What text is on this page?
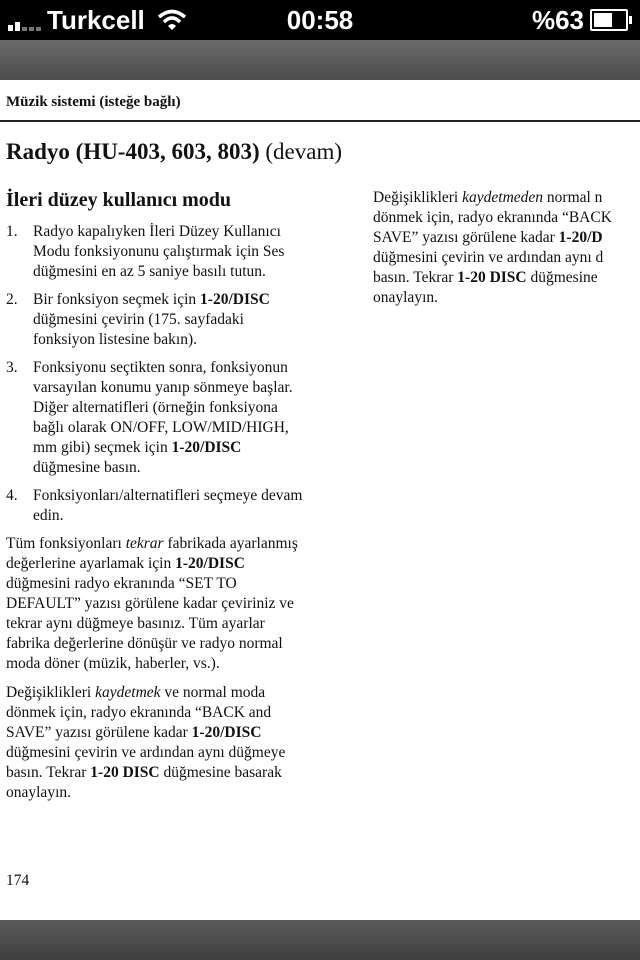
Turkcell	00:58	%63
Müzik sistemi (isteğe bağlı)
Radyo (HU-403, 603, 803) (devam)
İleri düzey kullanıcı modu
1. Radyo kapalıyken İleri Düzey Kullanıcı
Modu fonksiyonunu çalıştırmak için Ses
düğmesini en az 5 saniye basılı tutun.
2. Bir fonksiyon seçmek için 1-20/DISC
düğmesini çevirin (175. sayfadaki
fonksiyon listesine bakın).
3. Fonksiyonu seçtikten sonra, fonksiyonun
varsayılan konumu yanıp sönmeye başlar.
Diğer alternatifleri (örneğin fonksiyona
bağlı olarak ON/OFF, LOW/MID/HIGH,
mm gibi) seçmek için 1-20/DISC
düğmesine basın.
4. Fonksiyonları/alternatifleri seçmeye devam
edin.

Tüm fonksiyonları tekrar fabrikada ayarlanmış
değerlerine ayarlamak için 1-20/DISC
düğmesini radyo ekranında “SET TO
DEFAULT” yazısı görülene kadar çeviriniz ve
tekrar aynı düğmeye basınız. Tüm ayarlar
fabrika değerlerine dönüşür ve radyo normal
moda döner (müzik, haberler, vs.).

Değişiklikleri kaydetmek ve normal moda
dönmek için, radyo ekranında “BACK and
SAVE” yazısı görülene kadar 1-20/DISC
düğmesini çevirin ve ardından aynı düğmeye
basın. Tekrar 1-20 DISC düğmesine basarak
onaylayın.

Değişiklikleri kaydetmeden normal n
dönmek için, radyo ekranında “BACK
SAVE” yazısı görülene kadar 1-20/D
düğmesini çevirin ve ardından aynı d
basın. Tekrar 1-20 DISC düğmesine
onaylayın.

174
